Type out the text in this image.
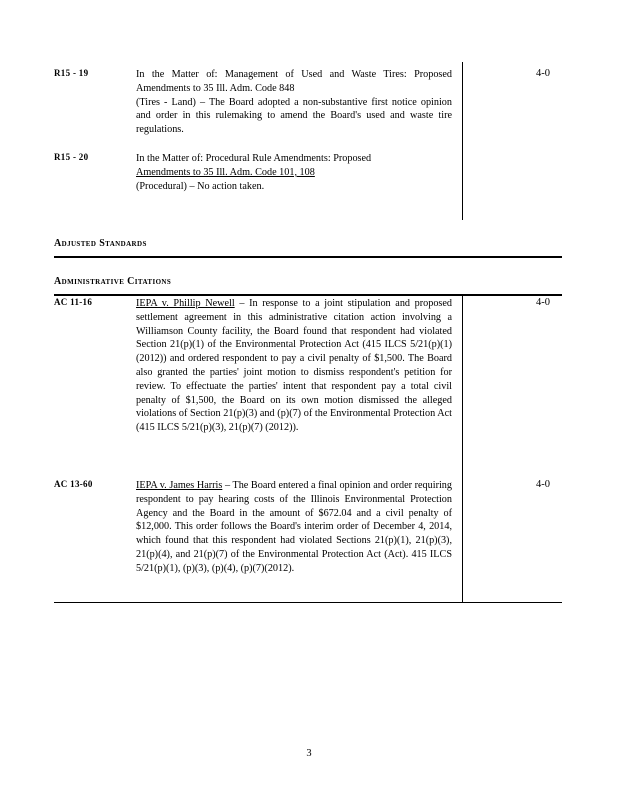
R15 - 19	In the Matter of: Management of Used and Waste Tires: Proposed Amendments to 35 Ill. Adm. Code 848
(Tires - Land) – The Board adopted a non-substantive first notice opinion and order in this rulemaking to amend the Board's used and waste tire regulations.
4-0
R15 - 20	In the Matter of: Procedural Rule Amendments: Proposed
Amendments to 35 Ill. Adm. Code 101, 108
(Procedural) – No action taken.
Adjusted Standards
Administrative Citations
AC 11-16	IEPA v. Phillip Newell – In response to a joint stipulation and proposed settlement agreement in this administrative citation action involving a Williamson County facility, the Board found that respondent had violated Section 21(p)(1) of the Environmental Protection Act (415 ILCS 5/21(p)(1) (2012)) and ordered respondent to pay a civil penalty of $1,500. The Board also granted the parties' joint motion to dismiss respondent's petition for review. To effectuate the parties' intent that respondent pay a total civil penalty of $1,500, the Board on its own motion dismissed the alleged violations of Section 21(p)(3) and (p)(7) of the Environmental Protection Act (415 ILCS 5/21(p)(3), 21(p)(7) (2012)).
4-0
AC 13-60	IEPA v. James Harris – The Board entered a final opinion and order requiring respondent to pay hearing costs of the Illinois Environmental Protection Agency and the Board in the amount of $672.04 and a civil penalty of $12,000. This order follows the Board's interim order of December 4, 2014, which found that this respondent had violated Sections 21(p)(1), 21(p)(3), 21(p)(4), and 21(p)(7) of the Environmental Protection Act (Act). 415 ILCS 5/21(p)(1), (p)(3), (p)(4), (p)(7)(2012).
4-0
3
